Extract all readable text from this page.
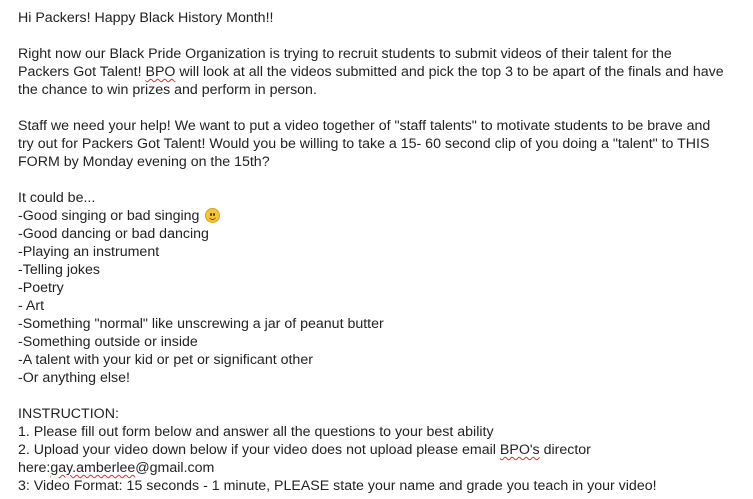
Hi Packers! Happy Black History Month!!
Right now our Black Pride Organization is trying to recruit students to submit videos of their talent for the
Packers Got Talent! BPO will look at all the videos submitted and pick the top 3 to be apart of the finals and have
the chance to win prizes and perform in person.
Staff we need your help! We want to put a video together of "staff talents" to motivate students to be brave and
try out for Packers Got Talent! Would you be willing to take a 15- 60 second clip of you doing a "talent" to THIS
FORM by Monday evening on the 15th?
It could be...
-Good singing or bad singing
-Good dancing or bad dancing
-Playing an instrument
-Telling jokes
-Poetry
- Art
-Something "normal" like unscrewing a jar of peanut butter
-Something outside or inside
-A talent with your kid or pet or significant other
-Or anything else!
INSTRUCTION:
1. Please fill out form below and answer all the questions to your best ability
2. Upload your video down below if your video does not upload please email BPO's director
here:gay.amberlee@gmail.com
3: Video Format: 15 seconds - 1 minute, PLEASE state your name and grade you teach in your video!
